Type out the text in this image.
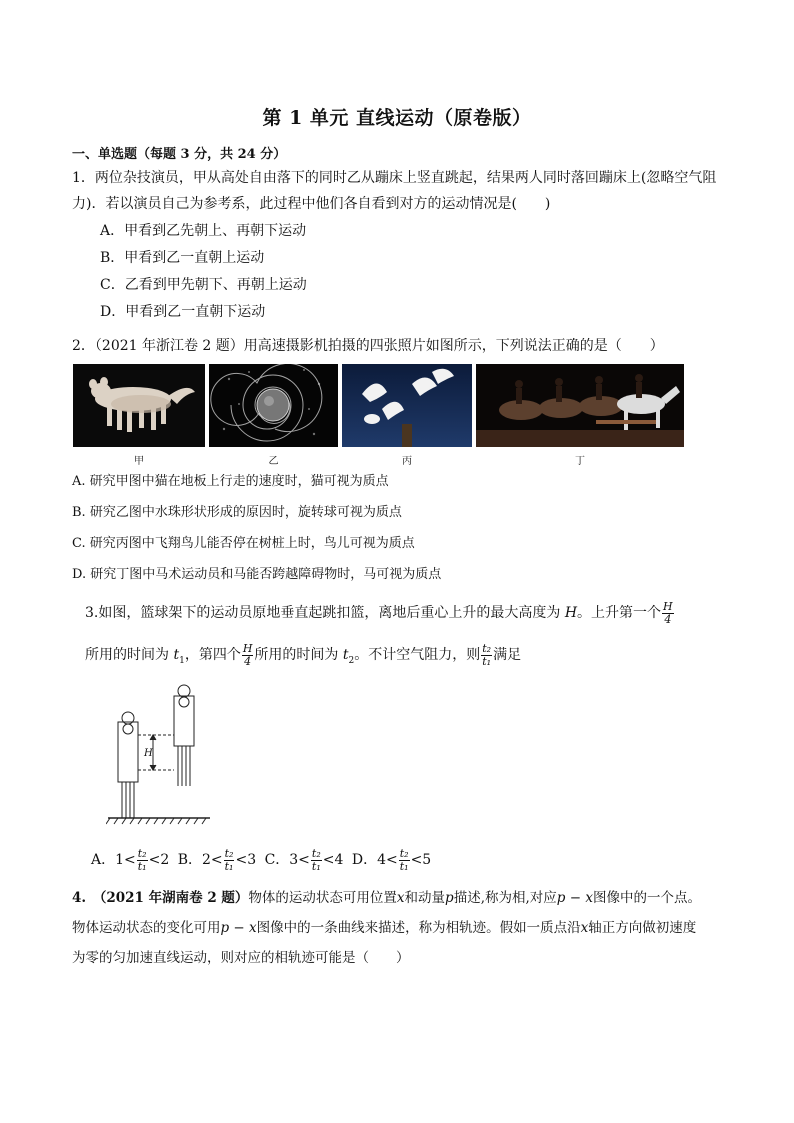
第 1 单元 直线运动（原卷版）
一、单选题（每题 3 分，共 24 分）
1．两位杂技演员，甲从高处自由落下的同时乙从蹦床上竖直跳起，结果两人同时落回蹦床上(忽略空气阻
力)．若以演员自己为参考系，此过程中他们各自看到对方的运动情况是(　　)
A．甲看到乙先朝上、再朝下运动
B．甲看到乙一直朝上运动
C．乙看到甲先朝下、再朝上运动
D．甲看到乙一直朝下运动
2．（2021 年浙江卷 2 题）用高速摄影机拍摄的四张照片如图所示，下列说法正确的是（　　）
甲	乙	丙	丁
A. 研究甲图中猫在地板上行走的速度时，猫可视为质点
B. 研究乙图中水珠形状形成的原因时，旋转球可视为质点
C. 研究丙图中飞翔鸟儿能否停在树桩上时，鸟儿可视为质点
D. 研究丁图中马术运动员和马能否跨越障碍物时，马可视为质点
3.如图，篮球架下的运动员原地垂直起跳扣篮，离地后重心上升的最大高度为 H。上升第一个 $\frac{H}{4}$
所用的时间为 $t_1$，第四个 $\frac{H}{4}$ 所用的时间为 $t_2$。不计空气阻力，则 $\frac{\text{t₂}}{\text{t₁}}$ 满足
H
A．$1< \frac{\text{t₂}}{\text{t₁}} <2$ B．$2< \frac{\text{t₂}}{\text{t₁}} <3$ C．$3< \frac{\text{t₂}}{\text{t₁}} <4$ D．$4< \frac{\text{t₂}}{\text{t₁}} <5$
4.　（2021 年湖南卷 2 题）物体的运动状态可用位置x和动量p描述,称为相,对应p − x图像中的一个点。
物体运动状态的变化可用p − x图像中的一条曲线来描述，称为相轨迹。假如一质点沿x轴正方向做初速度
为零的匀加速直线运动，则对应的相轨迹可能是（　　）
